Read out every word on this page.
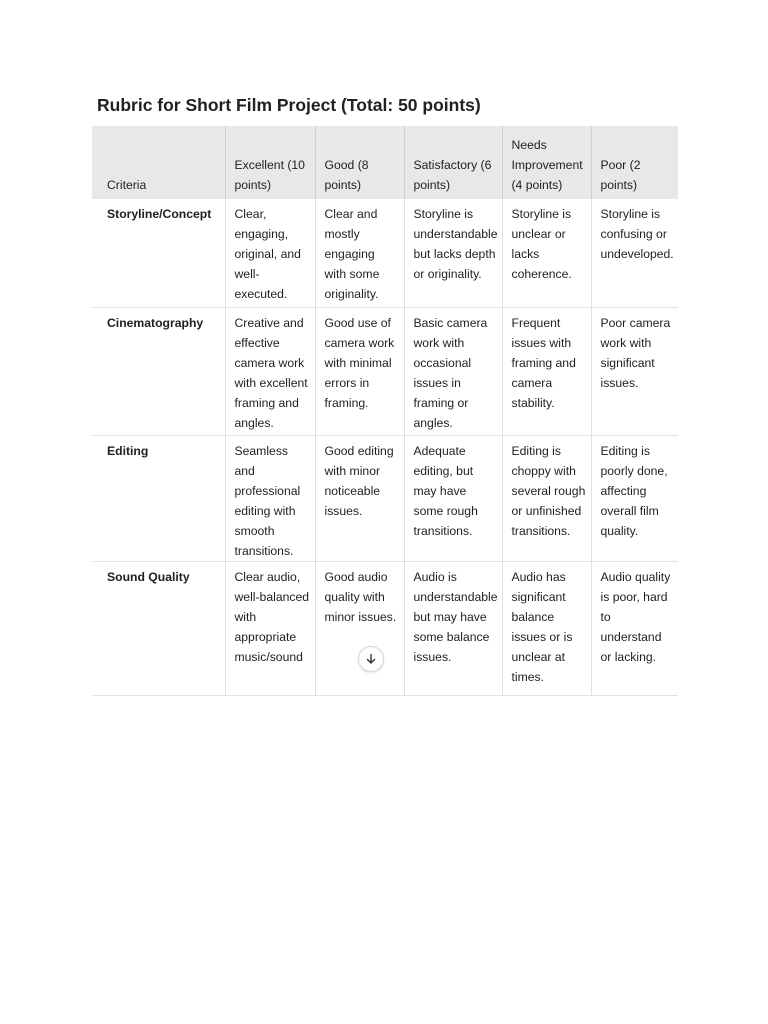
Rubric for Short Film Project (Total: 50 points)
Criteria	Excellent (10 points)	Good (8 points)	Satisfactory (6 points)	Needs Improvement (4 points)	Poor (2 points)
Storyline/Concept	Clear, engaging, original, and well-executed.	Clear and mostly engaging with some originality.	Storyline is understandable but lacks depth or originality.	Storyline is unclear or lacks coherence.	Storyline is confusing or undeveloped.
Cinematography	Creative and effective camera work with excellent framing and angles.	Good use of camera work with minimal errors in framing.	Basic camera work with occasional issues in framing or angles.	Frequent issues with framing and camera stability.	Poor camera work with significant issues.
Editing	Seamless and professional editing with smooth transitions.	Good editing with minor noticeable issues.	Adequate editing, but may have some rough transitions.	Editing is choppy with several rough or unfinished transitions.	Editing is poorly done, affecting overall film quality.
Sound Quality	Clear audio, well-balanced with appropriate music/sound	Good audio quality with minor issues.	Audio is understandable but may have some balance issues.	Audio has significant balance issues or is unclear at times.	Audio quality is poor, hard to understand or lacking.
